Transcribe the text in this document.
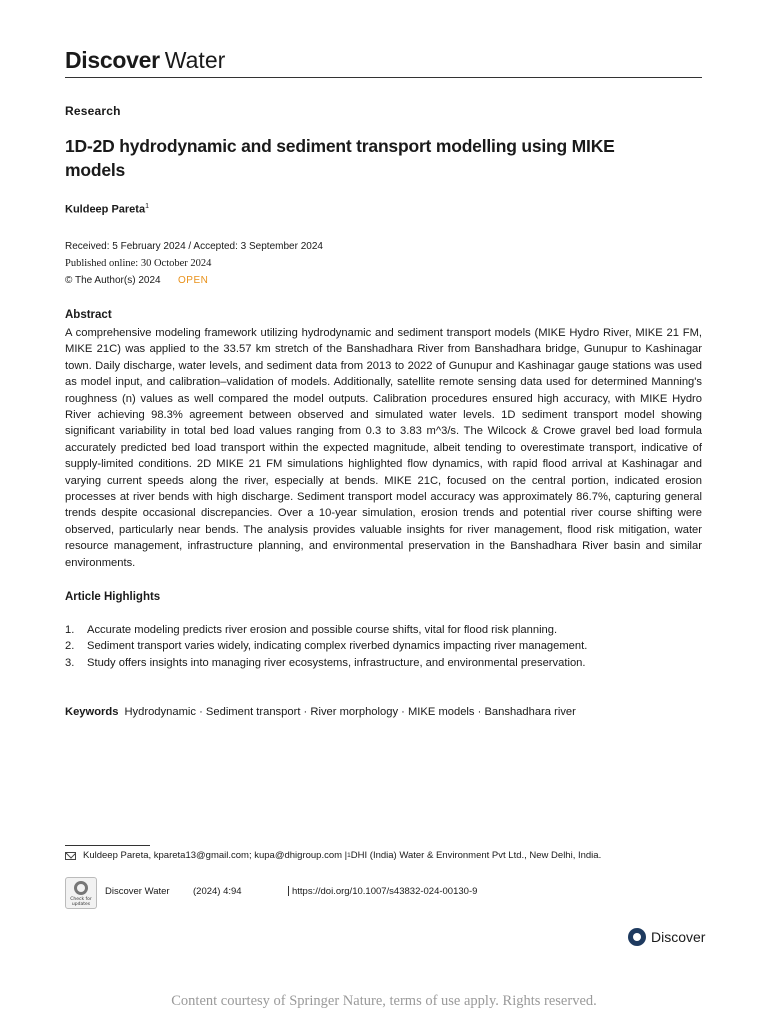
Discover Water
Research
1D-2D hydrodynamic and sediment transport modelling using MIKE models
Kuldeep Pareta$^1$
Received: 5 February 2024 / Accepted: 3 September 2024
Published online: 30 October 2024
© The Author(s) 2024 OPEN
Abstract
A comprehensive modeling framework utilizing hydrodynamic and sediment transport models (MIKE Hydro River, MIKE 21 FM, MIKE 21C) was applied to the 33.57 km stretch of the Banshadhara River from Banshadhara bridge, Gunupur to Kashinagar town. Daily discharge, water levels, and sediment data from 2013 to 2022 of Gunupur and Kashinagar gauge stations was used as model input, and calibration–validation of models. Additionally, satellite remote sensing data used for determined Manning's roughness (n) values as well compared the model outputs. Calibration procedures ensured high accuracy, with MIKE Hydro River achieving 98.3% agreement between observed and simulated water levels. 1D sediment transport model showing significant variability in total bed load values ranging from 0.3 to 3.83 m^3/s. The Wilcock & Crowe gravel bed load formula accurately predicted bed load transport within the expected magnitude, albeit tending to overestimate transport, indicative of supply-limited conditions. 2D MIKE 21 FM simulations highlighted flow dynamics, with rapid flood arrival at Kashinagar and varying current speeds along the river, especially at bends. MIKE 21C, focused on the central portion, indicated erosion processes at river bends with high discharge. Sediment transport model accuracy was approximately 86.7%, capturing general trends despite occasional discrepancies. Over a 10-year simulation, erosion trends and potential river course shifting were observed, particularly near bends. The analysis provides valuable insights for river management, flood risk mitigation, water resource management, infrastructure planning, and environmental preservation in the Banshadhara River basin and similar environments.
Article Highlights
1.	Accurate modeling predicts river erosion and possible course shifts, vital for flood risk planning.
2.	Sediment transport varies widely, indicating complex riverbed dynamics impacting river management.
3.	Study offers insights into managing river ecosystems, infrastructure, and environmental preservation.
Keywords Hydrodynamic · Sediment transport · River morphology · MIKE models · Banshadhara river
Kuldeep Pareta, kpareta13@gmail.com; kupa@dhigroup.com | 1 DHI (India) Water & Environment Pvt Ltd., New Delhi, India.
Check for updates
Discover Water (2024) 4:94	https://doi.org/10.1007/s43832-024-00130-9
Discover
Content courtesy of Springer Nature, terms of use apply. Rights reserved.
